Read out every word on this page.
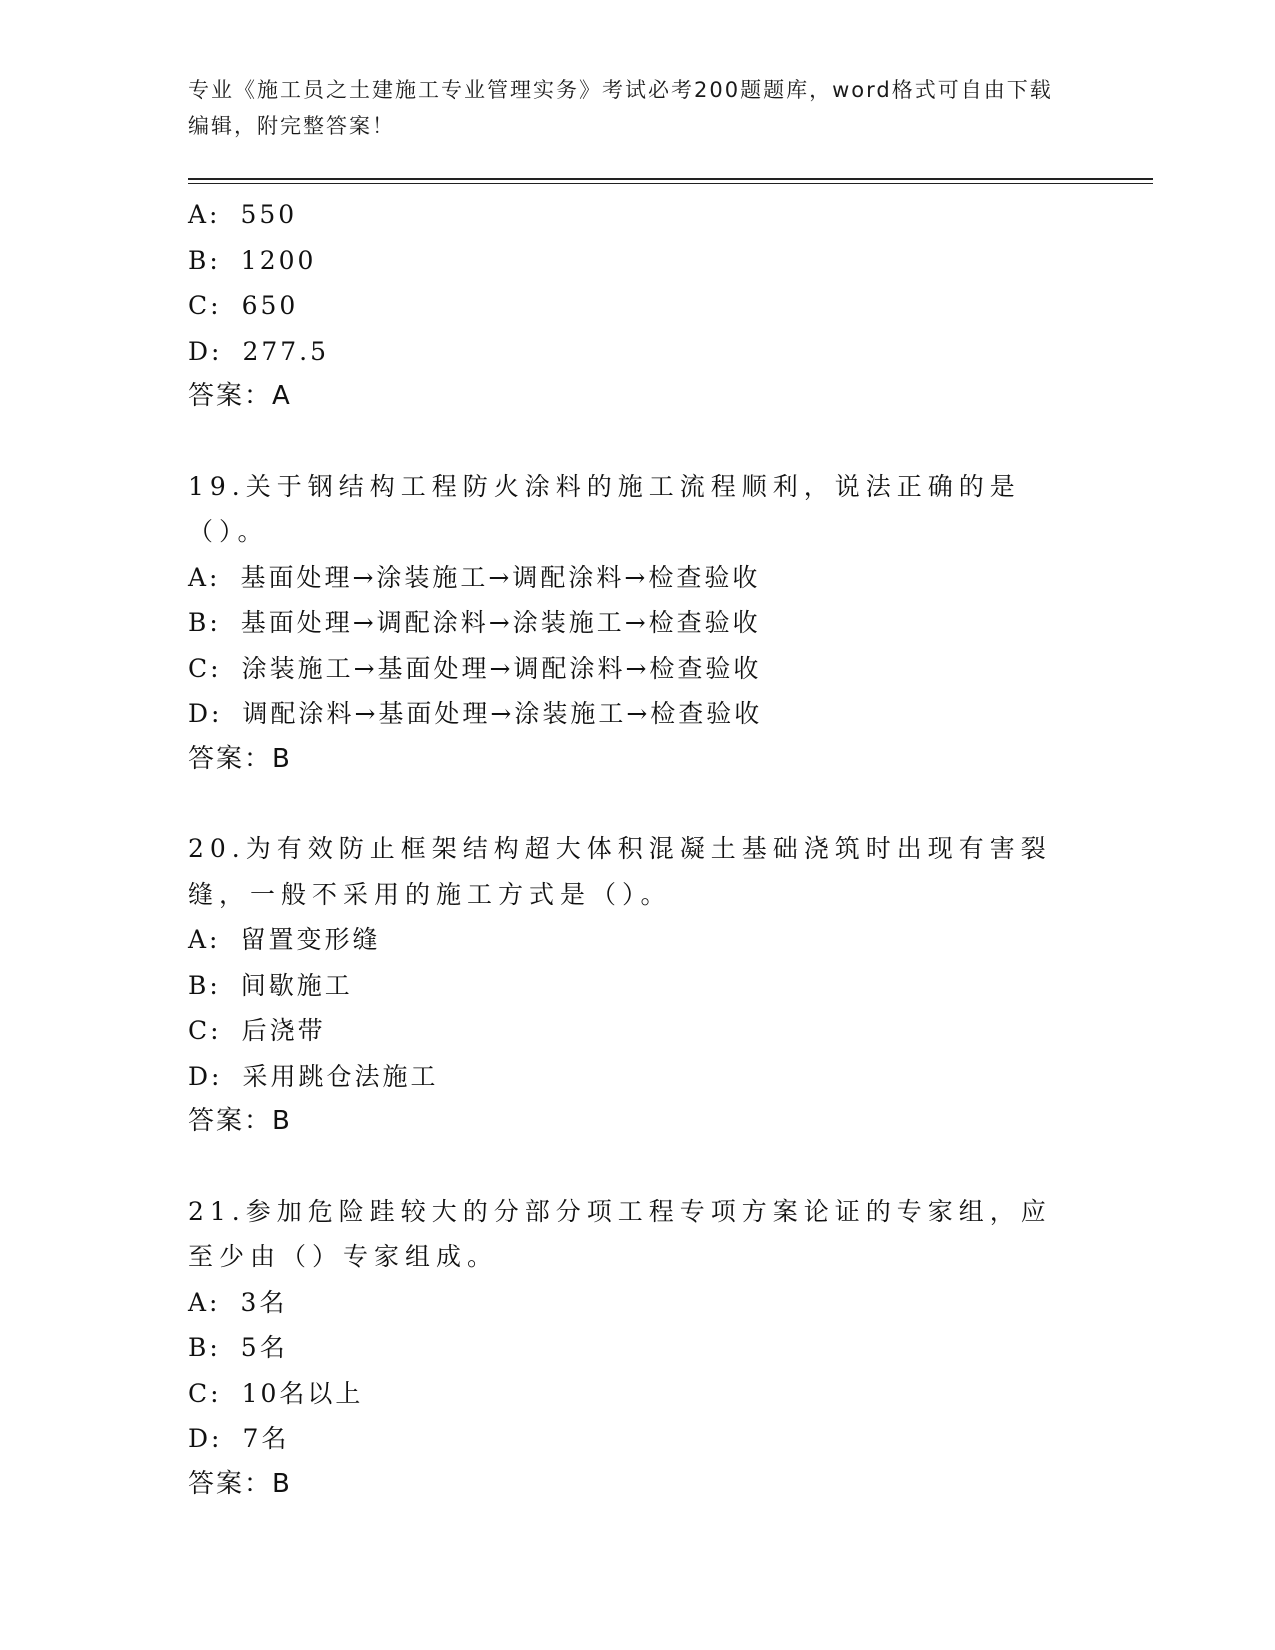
专业《施工员之土建施工专业管理实务》考试必考200题题库，word格式可自由下载编辑，附完整答案！
A: 550
B: 1200
C: 650
D: 277.5
答案：A
19.关于钢结构工程防火涂料的施工流程顺利，说法正确的是（）。
A: 基面处理→涂装施工→调配涂料→检查验收
B: 基面处理→调配涂料→涂装施工→检查验收
C: 涂装施工→基面处理→调配涂料→检查验收
D: 调配涂料→基面处理→涂装施工→检查验收
答案：B
20.为有效防止框架结构超大体积混凝土基础浇筑时出现有害裂缝，一般不采用的施工方式是（）。
A: 留置变形缝
B: 间歇施工
C: 后浇带
D: 采用跳仓法施工
答案：B
21.参加危险跬较大的分部分项工程专项方案论证的专家组，应至少由（）专家组成。
A: 3名
B: 5名
C: 10名以上
D: 7名
答案：B
